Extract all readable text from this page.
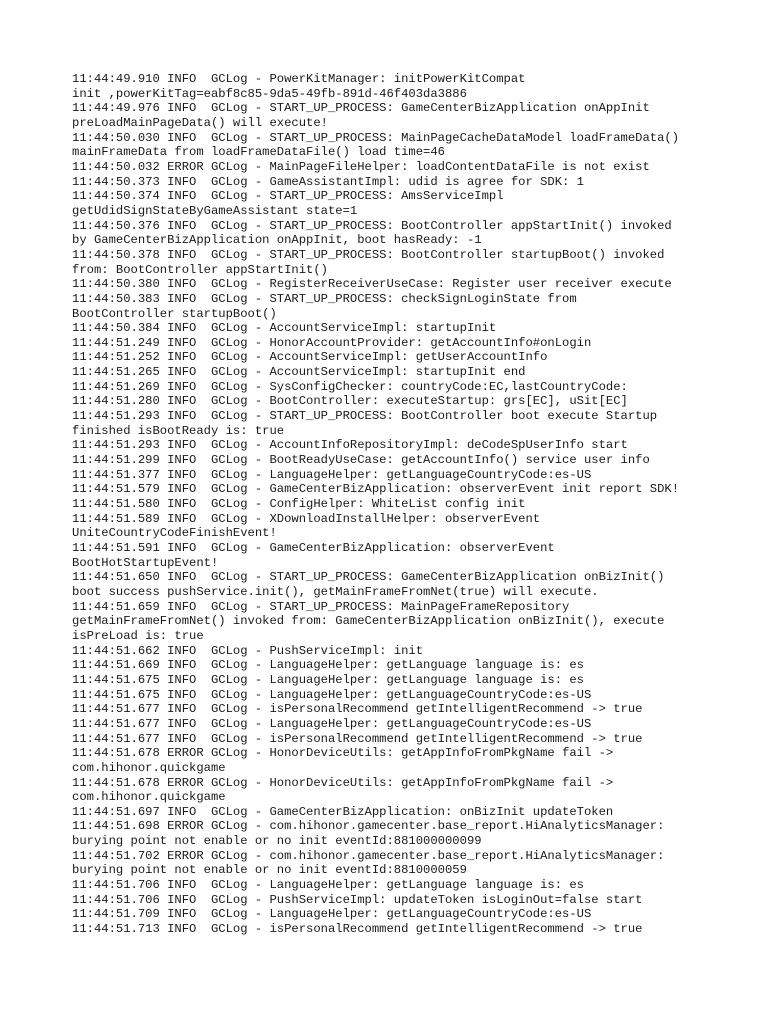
11:44:49.910 INFO  GCLog - PowerKitManager: initPowerKitCompat
init ,powerKitTag=eabf8c85-9da5-49fb-891d-46f403da3886
11:44:49.976 INFO  GCLog - START_UP_PROCESS: GameCenterBizApplication onAppInit
preLoadMainPageData() will execute!
11:44:50.030 INFO  GCLog - START_UP_PROCESS: MainPageCacheDataModel loadFrameData()
mainFrameData from loadFrameDataFile() load time=46
11:44:50.032 ERROR GCLog - MainPageFileHelper: loadContentDataFile is not exist
11:44:50.373 INFO  GCLog - GameAssistantImpl: udid is agree for SDK: 1
11:44:50.374 INFO  GCLog - START_UP_PROCESS: AmsServiceImpl
getUdidSignStateByGameAssistant state=1
11:44:50.376 INFO  GCLog - START_UP_PROCESS: BootController appStartInit() invoked
by GameCenterBizApplication onAppInit, boot hasReady: -1
11:44:50.378 INFO  GCLog - START_UP_PROCESS: BootController startupBoot() invoked
from: BootController appStartInit()
11:44:50.380 INFO  GCLog - RegisterReceiverUseCase: Register user receiver execute
11:44:50.383 INFO  GCLog - START_UP_PROCESS: checkSignLoginState from
BootController startupBoot()
11:44:50.384 INFO  GCLog - AccountServiceImpl: startupInit
11:44:51.249 INFO  GCLog - HonorAccountProvider: getAccountInfo#onLogin
11:44:51.252 INFO  GCLog - AccountServiceImpl: getUserAccountInfo
11:44:51.265 INFO  GCLog - AccountServiceImpl: startupInit end
11:44:51.269 INFO  GCLog - SysConfigChecker: countryCode:EC,lastCountryCode:
11:44:51.280 INFO  GCLog - BootController: executeStartup: grs[EC], uSit[EC]
11:44:51.293 INFO  GCLog - START_UP_PROCESS: BootController boot execute Startup
finished isBootReady is: true
11:44:51.293 INFO  GCLog - AccountInfoRepositoryImpl: deCodeSpUserInfo start
11:44:51.299 INFO  GCLog - BootReadyUseCase: getAccountInfo() service user info
11:44:51.377 INFO  GCLog - LanguageHelper: getLanguageCountryCode:es-US
11:44:51.579 INFO  GCLog - GameCenterBizApplication: observerEvent init report SDK!
11:44:51.580 INFO  GCLog - ConfigHelper: WhiteList config init
11:44:51.589 INFO  GCLog - XDownloadInstallHelper: observerEvent
UniteCountryCodeFinishEvent!
11:44:51.591 INFO  GCLog - GameCenterBizApplication: observerEvent
BootHotStartupEvent!
11:44:51.650 INFO  GCLog - START_UP_PROCESS: GameCenterBizApplication onBizInit()
boot success pushService.init(), getMainFrameFromNet(true) will execute.
11:44:51.659 INFO  GCLog - START_UP_PROCESS: MainPageFrameRepository
getMainFrameFromNet() invoked from: GameCenterBizApplication onBizInit(), execute
isPreLoad is: true
11:44:51.662 INFO  GCLog - PushServiceImpl: init
11:44:51.669 INFO  GCLog - LanguageHelper: getLanguage language is: es
11:44:51.675 INFO  GCLog - LanguageHelper: getLanguage language is: es
11:44:51.675 INFO  GCLog - LanguageHelper: getLanguageCountryCode:es-US
11:44:51.677 INFO  GCLog - isPersonalRecommend getIntelligentRecommend -> true
11:44:51.677 INFO  GCLog - LanguageHelper: getLanguageCountryCode:es-US
11:44:51.677 INFO  GCLog - isPersonalRecommend getIntelligentRecommend -> true
11:44:51.678 ERROR GCLog - HonorDeviceUtils: getAppInfoFromPkgName fail ->
com.hihonor.quickgame
11:44:51.678 ERROR GCLog - HonorDeviceUtils: getAppInfoFromPkgName fail ->
com.hihonor.quickgame
11:44:51.697 INFO  GCLog - GameCenterBizApplication: onBizInit updateToken
11:44:51.698 ERROR GCLog - com.hihonor.gamecenter.base_report.HiAnalyticsManager:
burying point not enable or no init eventId:881000000099
11:44:51.702 ERROR GCLog - com.hihonor.gamecenter.base_report.HiAnalyticsManager:
burying point not enable or no init eventId:8810000059
11:44:51.706 INFO  GCLog - LanguageHelper: getLanguage language is: es
11:44:51.706 INFO  GCLog - PushServiceImpl: updateToken isLoginOut=false start
11:44:51.709 INFO  GCLog - LanguageHelper: getLanguageCountryCode:es-US
11:44:51.713 INFO  GCLog - isPersonalRecommend getIntelligentRecommend -> true
